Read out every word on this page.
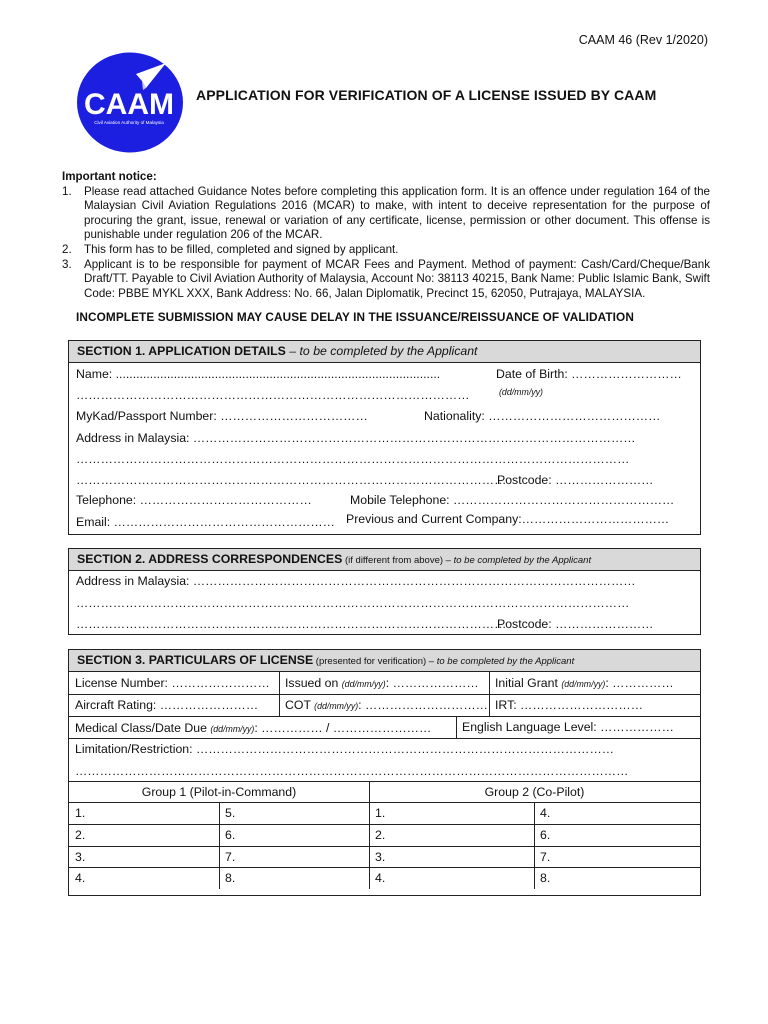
CAAM 46 (Rev 1/2020)
CAAM
Civil Aviation Authority of Malaysia
APPLICATION FOR VERIFICATION OF A LICENSE ISSUED BY CAAM
Important notice:
1. Please read attached Guidance Notes before completing this application form. It is an offence under regulation 164 of the Malaysian Civil Aviation Regulations 2016 (MCAR) to make, with intent to deceive representation for the purpose of procuring the grant, issue, renewal or variation of any certificate, license, permission or other document. This offense is punishable under regulation 206 of the MCAR.
2. This form has to be filled, completed and signed by applicant.
3. Applicant is to be responsible for payment of MCAR Fees and Payment. Method of payment: Cash/Card/Cheque/Bank Draft/TT. Payable to Civil Aviation Authority of Malaysia, Account No: 38113 40215, Bank Name: Public Islamic Bank, Swift Code: PBBE MYKL XXX, Bank Address: No. 66, Jalan Diplomatik, Precinct 15, 62050, Putrajaya, MALAYSIA.
INCOMPLETE SUBMISSION MAY CAUSE DELAY IN THE ISSUANCE/REISSUANCE OF VALIDATION
SECTION 1. APPLICATION DETAILS – to be completed by the Applicant
Name: ...............................................................................................	Date of Birth: ………………………
……………………………………………………………………………………	(dd/mm/yy)
MyKad/Passport Number: ………………………………	Nationality: ……………………………………
Address in Malaysia: ………………………………………………………………………………………………
………………………………………………………………………………………………………………………
……………………………………………………………………………………………
Postcode: ……………………
Telephone: ……………………………………	Mobile Telephone: ………………………………………………
Email: ……………………………………………… Previous and Current Company:………………………………
SECTION 2. ADDRESS CORRESPONDENCES (if different from above) – to be completed by the Applicant
Address in Malaysia: ………………………………………………………………………………………………
………………………………………………………………………………………………………………………
……………………………………………………………………………………………
Postcode: ……………………
SECTION 3. PARTICULARS OF LICENSE (presented for verification) – to be completed by the Applicant
License Number: ……………………	Issued on (dd/mm/yy): …………………	Initial Grant (dd/mm/yy): ……………
Aircraft Rating: ……………………	COT (dd/mm/yy): ………………………… IRT: …………………………
Medical Class/Date Due (dd/mm/yy): …………… / ……………………	English Language Level: ………………
Limitation/Restriction: …………………………………………………………………………………………
………………………………………………………………………………………………………………………
Group 1 (Pilot-in-Command)	Group 2 (Co-Pilot)
1.	5.	1.	4.
2.	6.	2.	6.
3.	7.	3.	7.
4.	8.	4.	8.
